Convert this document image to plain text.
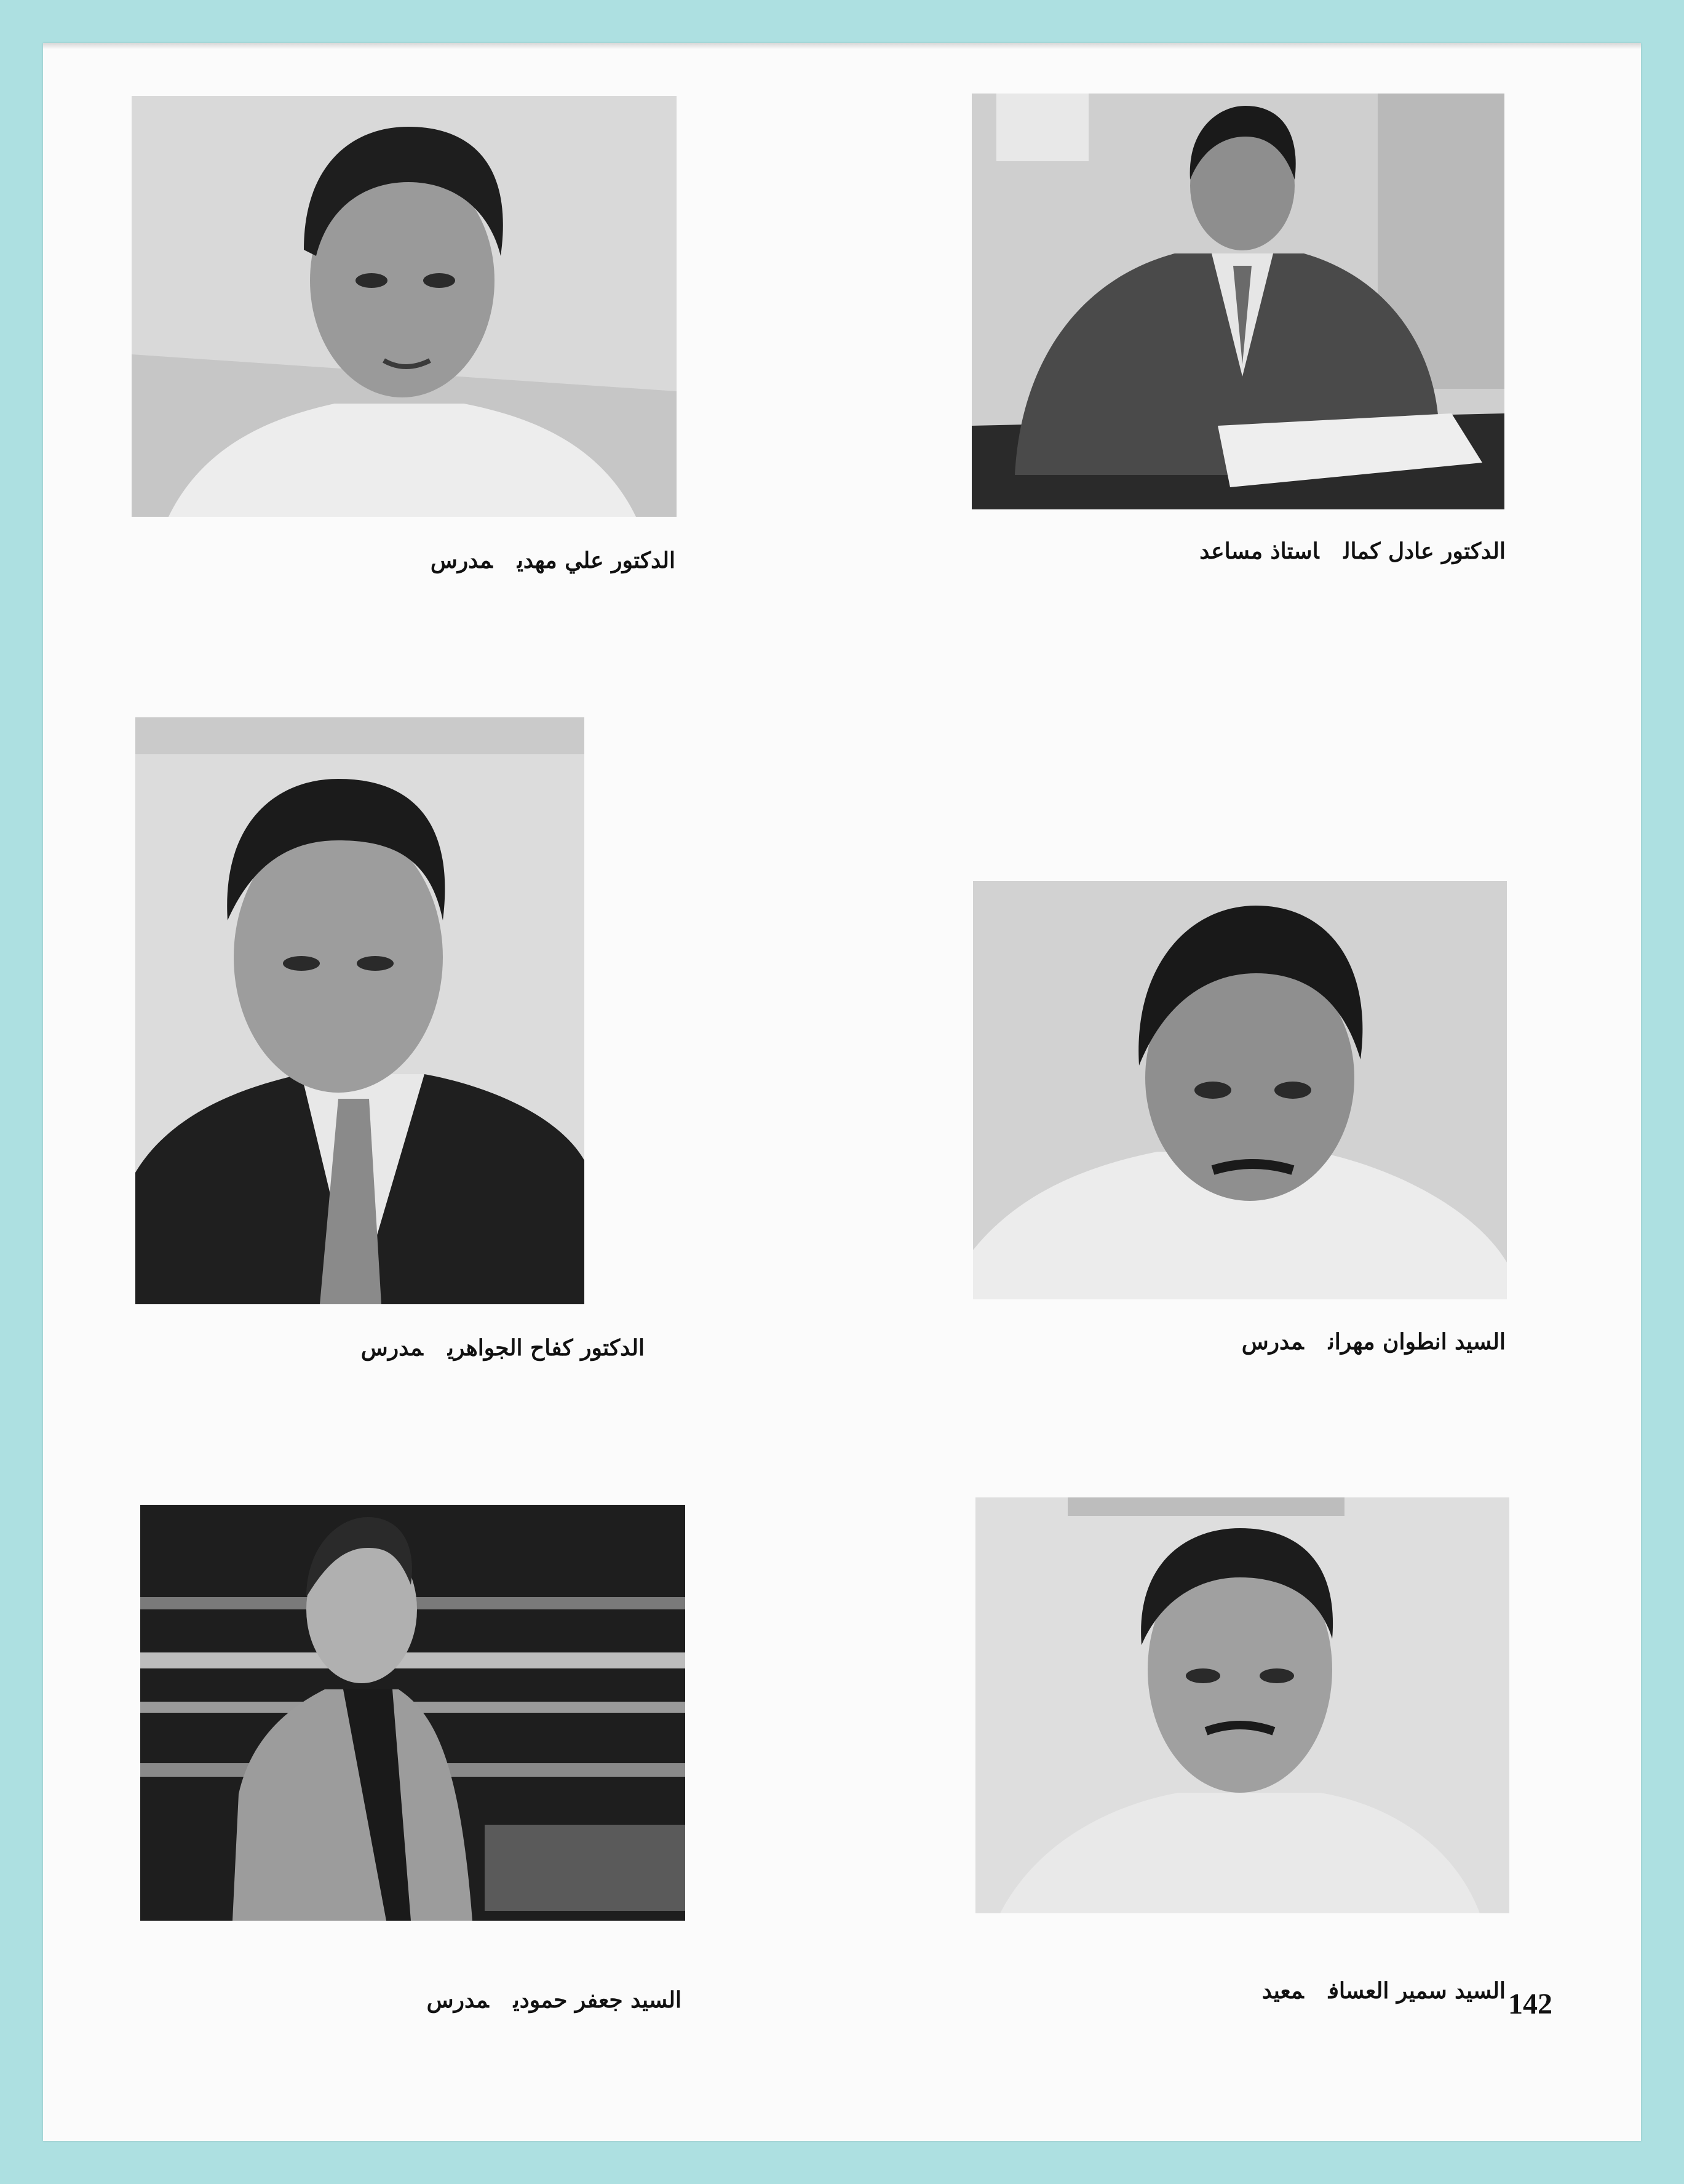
الدكتور علي مهديمدرس	الدكتور عادل كمالاستاذ مساعد
الدكتور كفاح الجواهريمدرس	السيد انطوان مهرانمدرس
السيد جعفر حموديمدرس	السيد سمير العسافمعيد	142
